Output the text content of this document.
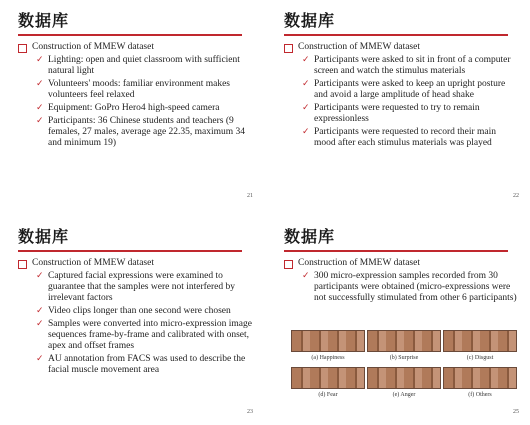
数据库
Construction of MMEW dataset
✓ Lighting: open and quiet classroom with sufficient natural light
✓ Volunteers' moods: familiar environment makes volunteers feel relaxed
✓ Equipment: GoPro Hero4 high-speed camera
✓ Participants: 36 Chinese students and teachers (9 females, 27 males, average age 22.35, maximum 34 and minimum 19)
21
数据库
Construction of MMEW dataset
✓ Participants were asked to sit in front of a computer screen and watch the stimulus materials
✓ Participants were asked to keep an upright posture and avoid a large amplitude of head shake
✓ Participants were requested to try to remain expressionless
✓ Participants were requested to record their main mood after each stimulus materials was played
22
数据库
Construction of MMEW dataset
✓ Captured facial expressions were examined to guarantee that the samples were not interfered by irrelevant factors
✓ Video clips longer than one second were chosen
✓ Samples were converted into micro-expression image sequences frame-by-frame and calibrated with onset, apex and offset frames
✓ AU annotation from FACS was used to describe the facial muscle movement area
23
数据库
Construction of MMEW dataset
✓ 300 micro-expression samples recorded from 30 participants were obtained (micro-expressions were not successfully stimulated from other 6 participants)
(a) Happiness	(b) Surprise	(c) Disgust
(d) Fear	(e) Anger	(f) Others
25
